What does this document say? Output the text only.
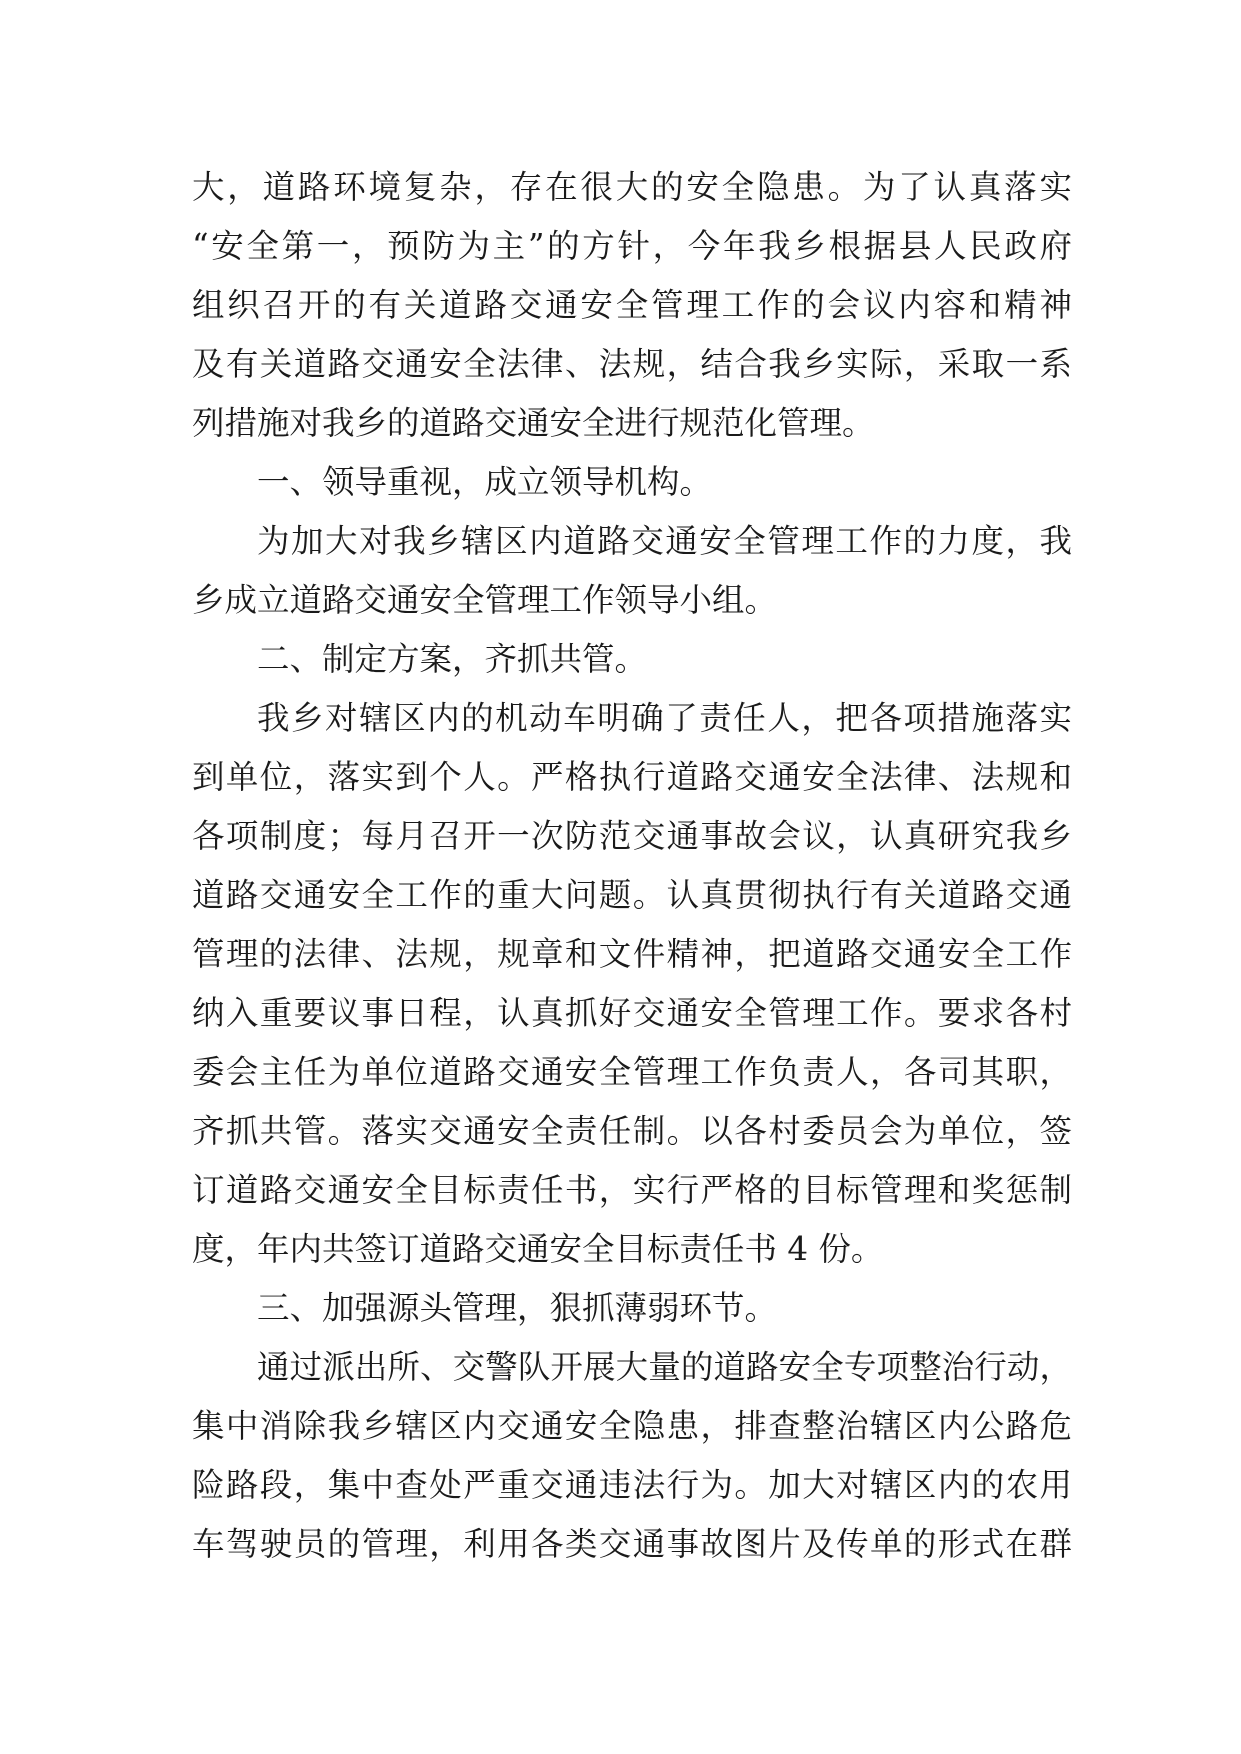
大，道路环境复杂，存在很大的安全隐患。为了认真落实
“安全第一，预防为主”的方针，今年我乡根据县人民政府
组织召开的有关道路交通安全管理工作的会议内容和精神
及有关道路交通安全法律、法规，结合我乡实际，采取一系
列措施对我乡的道路交通安全进行规范化管理。
一、领导重视，成立领导机构。
为加大对我乡辖区内道路交通安全管理工作的力度，我
乡成立道路交通安全管理工作领导小组。
二、制定方案，齐抓共管。
我乡对辖区内的机动车明确了责任人，把各项措施落实
到单位，落实到个人。严格执行道路交通安全法律、法规和
各项制度；每月召开一次防范交通事故会议，认真研究我乡
道路交通安全工作的重大问题。认真贯彻执行有关道路交通
管理的法律、法规，规章和文件精神，把道路交通安全工作
纳入重要议事日程，认真抓好交通安全管理工作。要求各村
委会主任为单位道路交通安全管理工作负责人，各司其职，
齐抓共管。落实交通安全责任制。以各村委员会为单位，签
订道路交通安全目标责任书，实行严格的目标管理和奖惩制
度，年内共签订道路交通安全目标责任书 4 份。
三、加强源头管理，狠抓薄弱环节。
通过派出所、交警队开展大量的道路安全专项整治行动，
集中消除我乡辖区内交通安全隐患，排查整治辖区内公路危
险路段，集中查处严重交通违法行为。加大对辖区内的农用
车驾驶员的管理，利用各类交通事故图片及传单的形式在群
